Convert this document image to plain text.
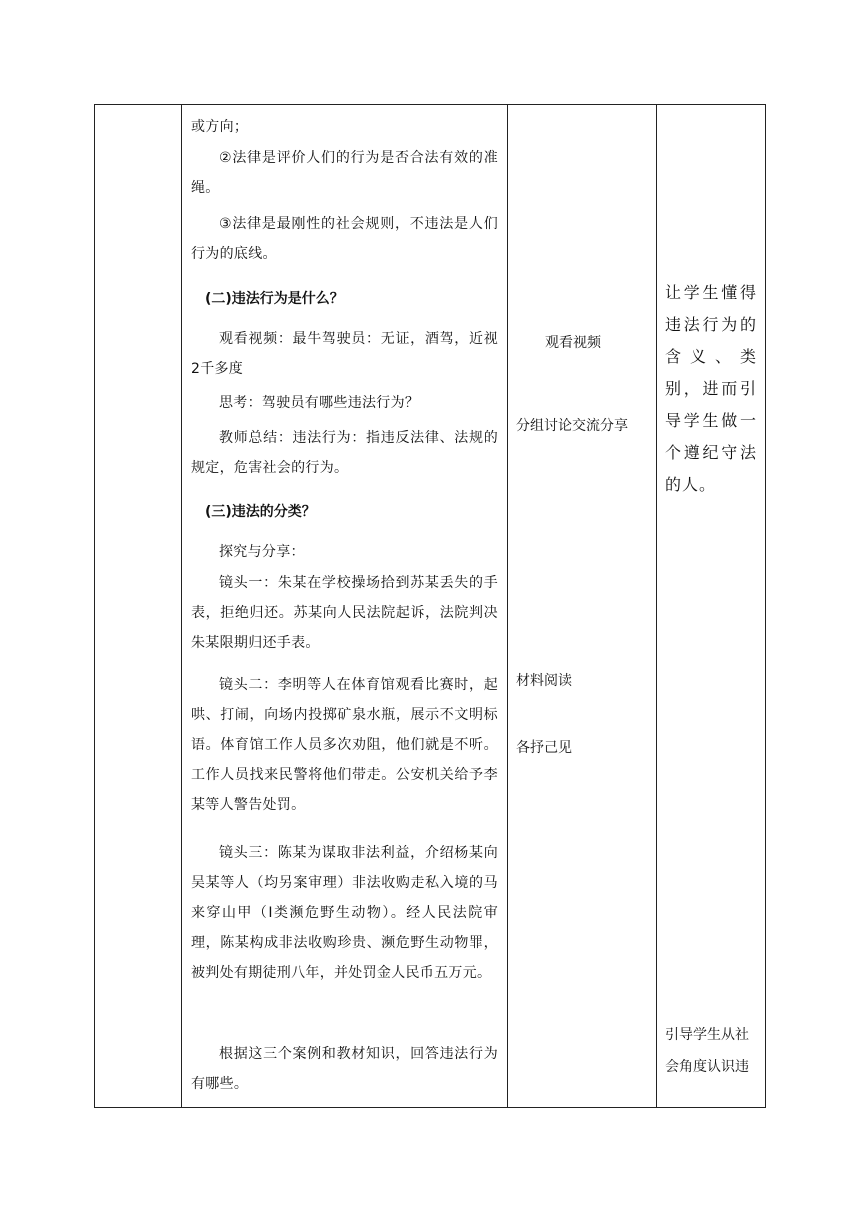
或方向；

②法律是评价人们的行为是否合法有效的准绳。

③法律是最刚性的社会规则，不违法是人们行为的底线。

(二)违法行为是什么？

观看视频：最牛驾驶员：无证，酒驾，近视2千多度

思考：驾驶员有哪些违法行为？

教师总结：违法行为：指违反法律、法规的规定，危害社会的行为。

(三)违法的分类？

探究与分享：

镜头一：朱某在学校操场拾到苏某丢失的手表，拒绝归还。苏某向人民法院起诉，法院判决朱某限期归还手表。

镜头二：李明等人在体育馆观看比赛时，起哄、打闹，向场内投掷矿泉水瓶，展示不文明标语。体育馆工作人员多次劝阻，他们就是不听。工作人员找来民警将他们带走。公安机关给予李某等人警告处罚。

镜头三：陈某为谋取非法利益，介绍杨某向吴某等人（均另案审理）非法收购走私入境的马来穿山甲（I类濒危野生动物）。经人民法院审理，陈某构成非法收购珍贵、濒危野生动物罪，被判处有期徒刑八年，并处罚金人民币五万元。

根据这三个案例和教材知识，回答违法行为有哪些。

观看视频

分组讨论交流分享

材料阅读

各抒己见

让学生懂得违法行为的含义、类别，进而引导学生做一个遵纪守法的人。

引导学生从社会角度认识违
